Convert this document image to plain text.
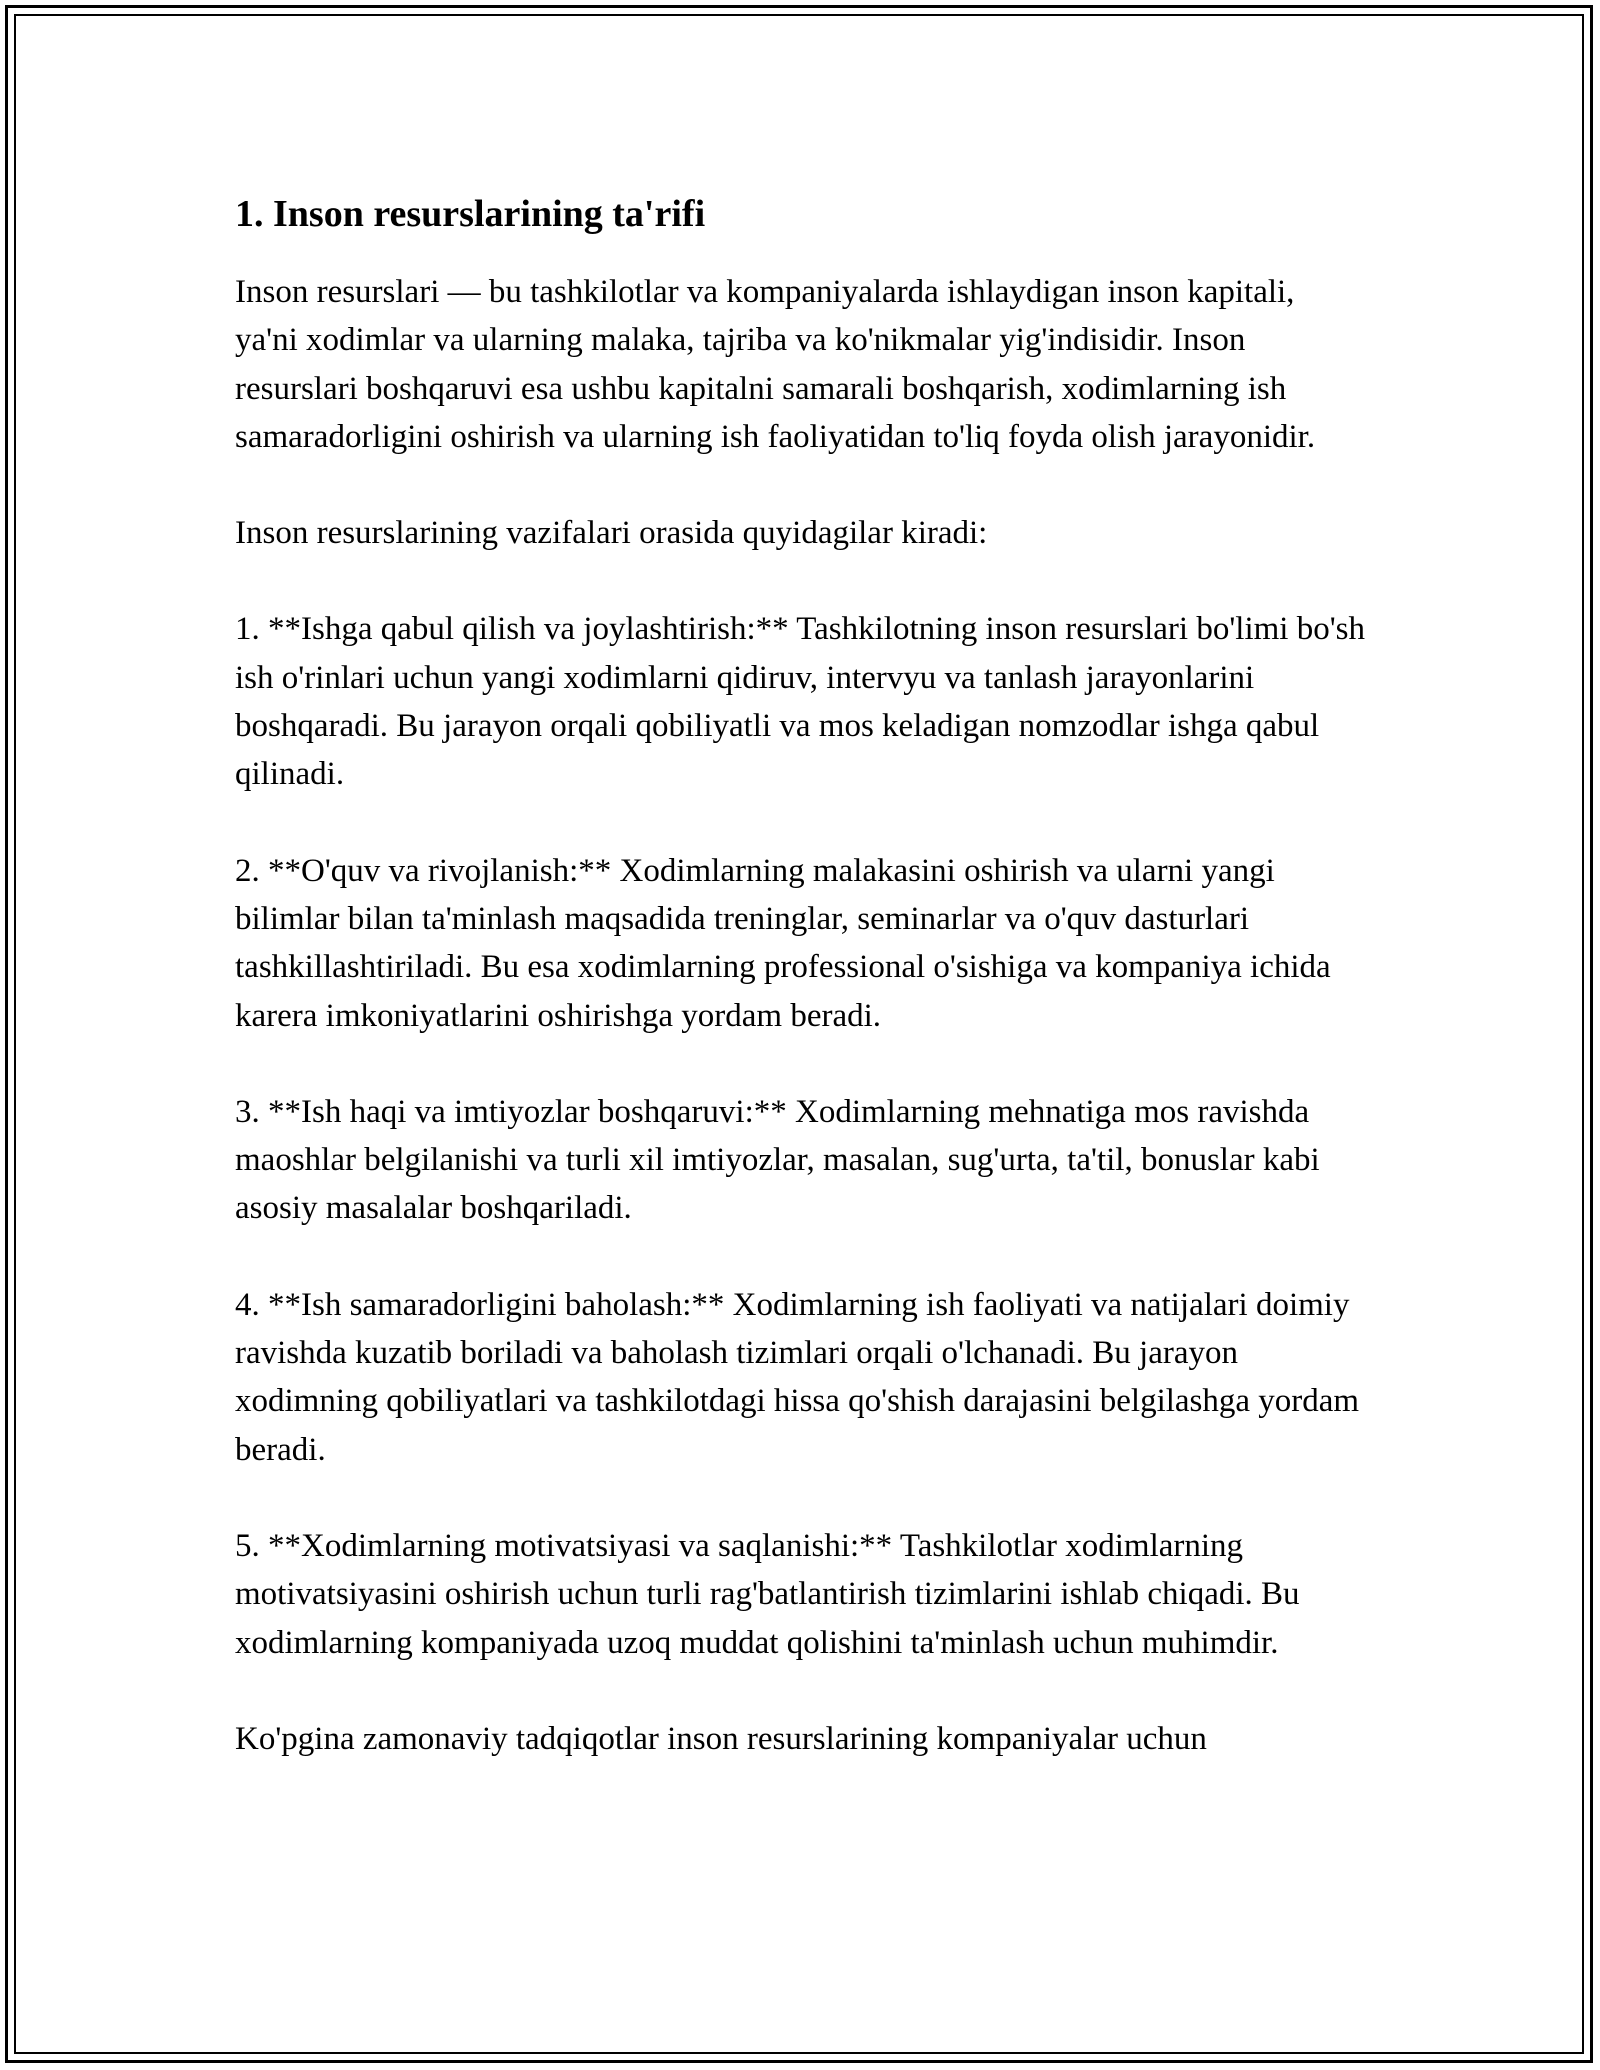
1. Inson resurslarining ta'rifi

Inson resurslari — bu tashkilotlar va kompaniyalarda ishlaydigan inson kapitali, ya'ni xodimlar va ularning malaka, tajriba va ko'nikmalar yig'indisidir. Inson resurslari boshqaruvi esa ushbu kapitalni samarali boshqarish, xodimlarning ish samaradorligini oshirish va ularning ish faoliyatidan to'liq foyda olish jarayonidir.

Inson resurslarining vazifalari orasida quyidagilar kiradi:

1. **Ishga qabul qilish va joylashtirish:** Tashkilotning inson resurslari bo'limi bo'sh ish o'rinlari uchun yangi xodimlarni qidiruv, intervyu va tanlash jarayonlarini boshqaradi. Bu jarayon orqali qobiliyatli va mos keladigan nomzodlar ishga qabul qilinadi.

2. **O'quv va rivojlanish:** Xodimlarning malakasini oshirish va ularni yangi bilimlar bilan ta'minlash maqsadida treninglar, seminarlar va o'quv dasturlari tashkillashtiriladi. Bu esa xodimlarning professional o'sishiga va kompaniya ichida karera imkoniyatlarini oshirishga yordam beradi.

3. **Ish haqi va imtiyozlar boshqaruvi:** Xodimlarning mehnatiga mos ravishda maoshlar belgilanishi va turli xil imtiyozlar, masalan, sug'urta, ta'til, bonuslar kabi asosiy masalalar boshqariladi.

4. **Ish samaradorligini baholash:** Xodimlarning ish faoliyati va natijalari doimiy ravishda kuzatib boriladi va baholash tizimlari orqali o'lchanadi. Bu jarayon xodimning qobiliyatlari va tashkilotdagi hissa qo'shish darajasini belgilashga yordam beradi.

5. **Xodimlarning motivatsiyasi va saqlanishi:** Tashkilotlar xodimlarning motivatsiyasini oshirish uchun turli rag'batlantirish tizimlarini ishlab chiqadi. Bu xodimlarning kompaniyada uzoq muddat qolishini ta'minlash uchun muhimdir.

Ko'pgina zamonaviy tadqiqotlar inson resurslarining kompaniyalar uchun
